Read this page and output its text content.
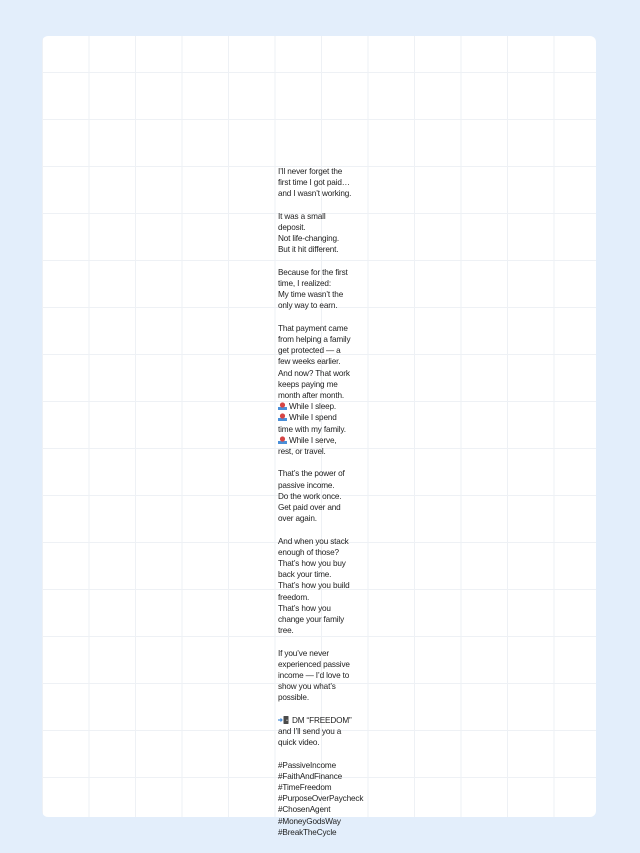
I’ll never forget the first time I got paid… and I wasn’t working.

It was a small deposit.
Not life-changing.
But it hit different.

Because for the first time, I realized:
My time wasn’t the only way to earn.

That payment came from helping a family get protected — a few weeks earlier.
And now? That work keeps paying me month after month.
While I sleep.
While I spend time with my family.
While I serve, rest, or travel.

That’s the power of passive income.
Do the work once. Get paid over and over again.

And when you stack enough of those?
That’s how you buy back your time.
That’s how you build freedom.
That’s how you change your family tree.

If you’ve never experienced passive income — I’d love to show you what’s possible.

DM “FREEDOM” and I’ll send you a quick video.

#PassiveIncome #FaithAndFinance #TimeFreedom #PurposeOverPaycheck #ChosenAgent #MoneyGodsWay #BreakTheCycle
